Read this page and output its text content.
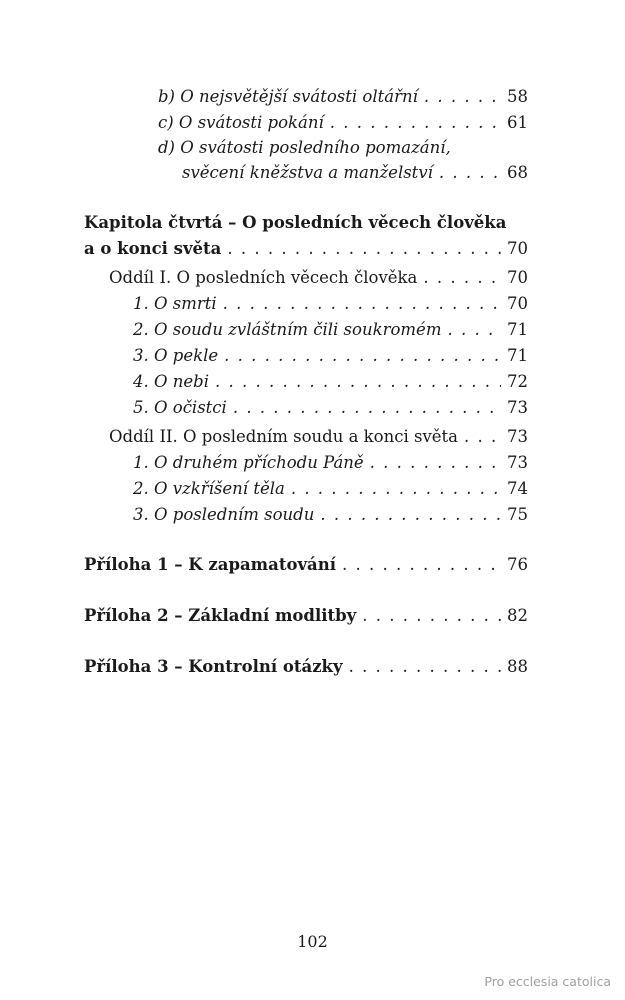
b) O nejsvětější svátosti oltářní . . .	58
c) O svátosti pokání . . .	61
d) O svátosti posledního pomazání,
svěcení kněžstva a manželství . . .	68
Kapitola čtvrtá – O posledních věcech člověka
a o konci světa . . .	70
Oddíl I. O posledních věcech člověka . . .	70
1. O smrti . . .	70
2. O soudu zvláštním čili soukromém . . .	71
3. O pekle . . .	71
4. O nebi . . .	72
5. O očistci . . .	73
Oddíl II. O posledním soudu a konci světa . . .	73
1. O druhém příchodu Páně . . .	73
2. O vzkříšení těla . . .	74
3. O posledním soudu . . .	75
Příloha 1 – K zapamatování . . .	76
Příloha 2 – Základní modlitby . . .	82
Příloha 3 – Kontrolní otázky . . .	88
102
Pro ecclesia catolica
